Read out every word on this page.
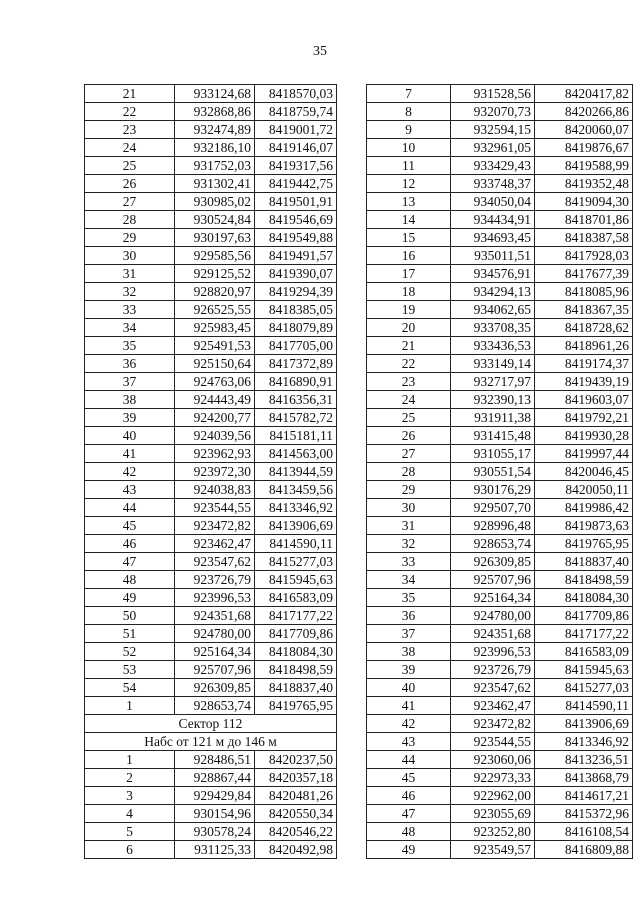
35
21	933124,68	8418570,03
22	932868,86	8418759,74
23	932474,89	8419001,72
24	932186,10	8419146,07
25	931752,03	8419317,56
26	931302,41	8419442,75
27	930985,02	8419501,91
28	930524,84	8419546,69
29	930197,63	8419549,88
30	929585,56	8419491,57
31	929125,52	8419390,07
32	928820,97	8419294,39
33	926525,55	8418385,05
34	925983,45	8418079,89
35	925491,53	8417705,00
36	925150,64	8417372,89
37	924763,06	8416890,91
38	924443,49	8416356,31
39	924200,77	8415782,72
40	924039,56	8415181,11
41	923962,93	8414563,00
42	923972,30	8413944,59
43	924038,83	8413459,56
44	923544,55	8413346,92
45	923472,82	8413906,69
46	923462,47	8414590,11
47	923547,62	8415277,03
48	923726,79	8415945,63
49	923996,53	8416583,09
50	924351,68	8417177,22
51	924780,00	8417709,86
52	925164,34	8418084,30
53	925707,96	8418498,59
54	926309,85	8418837,40
1	928653,74	8419765,95
Сектор 112		
Набс от 121 м до 146 м		
1	928486,51	8420237,50
2	928867,44	8420357,18
3	929429,84	8420481,26
4	930154,96	8420550,34
5	930578,24	8420546,22
6	931125,33	8420492,98
7	931528,56	8420417,82
8	932070,73	8420266,86
9	932594,15	8420060,07
10	932961,05	8419876,67
11	933429,43	8419588,99
12	933748,37	8419352,48
13	934050,04	8419094,30
14	934434,91	8418701,86
15	934693,45	8418387,58
16	935011,51	8417928,03
17	934576,91	8417677,39
18	934294,13	8418085,96
19	934062,65	8418367,35
20	933708,35	8418728,62
21	933436,53	8418961,26
22	933149,14	8419174,37
23	932717,97	8419439,19
24	932390,13	8419603,07
25	931911,38	8419792,21
26	931415,48	8419930,28
27	931055,17	8419997,44
28	930551,54	8420046,45
29	930176,29	8420050,11
30	929507,70	8419986,42
31	928996,48	8419873,63
32	928653,74	8419765,95
33	926309,85	8418837,40
34	925707,96	8418498,59
35	925164,34	8418084,30
36	924780,00	8417709,86
37	924351,68	8417177,22
38	923996,53	8416583,09
39	923726,79	8415945,63
40	923547,62	8415277,03
41	923462,47	8414590,11
42	923472,82	8413906,69
43	923544,55	8413346,92
44	923060,06	8413236,51
45	922973,33	8413868,79
46	922962,00	8414617,21
47	923055,69	8415372,96
48	923252,80	8416108,54
49	923549,57	8416809,88
